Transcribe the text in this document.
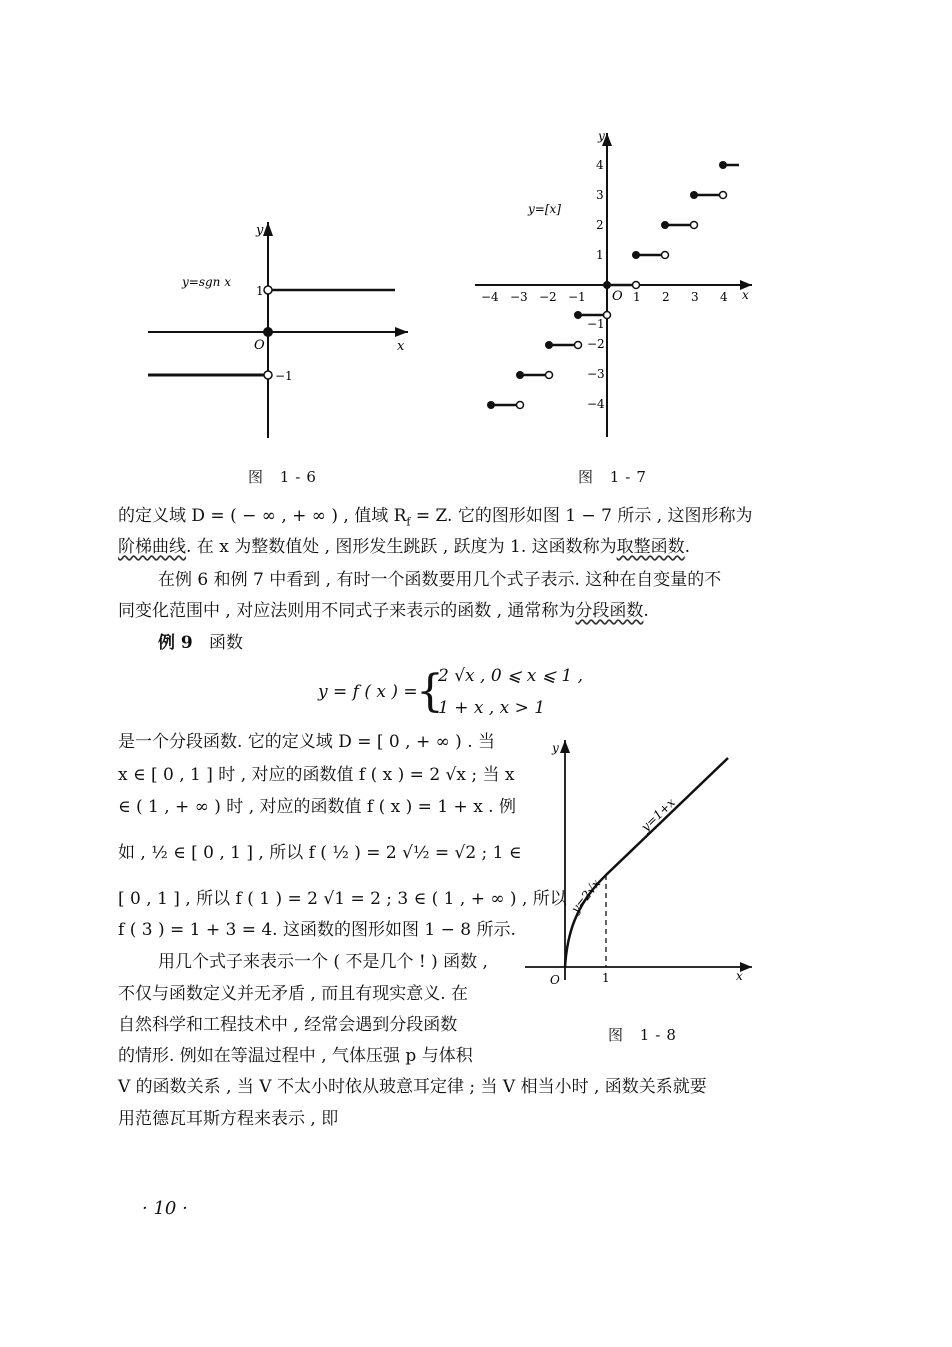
y
x
O
1
−1
y=sgn x
图 1-6
y
x
O
y=[x]
−4 −3 −2 −1	1 2 3 4
4
3
2
1
−1
−2
−3
−4
图 1-7
的定义域 D = ( − ∞ , + ∞ ) , 值域 $R_f = Z$. 它的图形如图 1 − 7 所示 , 这图形称为
阶梯曲线. 在 x 为整数值处 , 图形发生跳跃 , 跃度为 1. 这函数称为取整函数.
在例 6 和例 7 中看到 , 有时一个函数要用几个式子表示. 这种在自变量的不
同变化范围中 , 对应法则用不同式子来表示的函数 , 通常称为分段函数.
例 9 函数
y = f ( x ) =
{
2 √x , 0 ⩽ x ⩽ 1 ,
1 + x , x > 1
是一个分段函数. 它的定义域 D = [ 0 , + ∞ ) . 当
x ∈ [ 0 , 1 ] 时 , 对应的函数值 f ( x ) = 2 √x ; 当 x
∈ ( 1 , + ∞ ) 时 , 对应的函数值 f ( x ) = 1 + x . 例
如 , ½ ∈ [ 0 , 1 ] , 所以 f ( ½ ) = 2 √½ = √2 ; 1 ∈
[ 0 , 1 ] , 所以 f ( 1 ) = 2 √1 = 2 ; 3 ∈ ( 1 , + ∞ ) , 所以
f ( 3 ) = 1 + 3 = 4. 这函数的图形如图 1 − 8 所示.
用几个式子来表示一个 ( 不是几个 ! ) 函数 ,
不仅与函数定义并无矛盾 , 而且有现实意义. 在
自然科学和工程技术中 , 经常会遇到分段函数
的情形. 例如在等温过程中 , 气体压强 p 与体积
V 的函数关系 , 当 V 不太小时依从玻意耳定律 ; 当 V 相当小时 , 函数关系就要
用范德瓦耳斯方程来表示 , 即
y
x
O	1
y=1+x
y=2√x
图 1-8
· 10 ·
